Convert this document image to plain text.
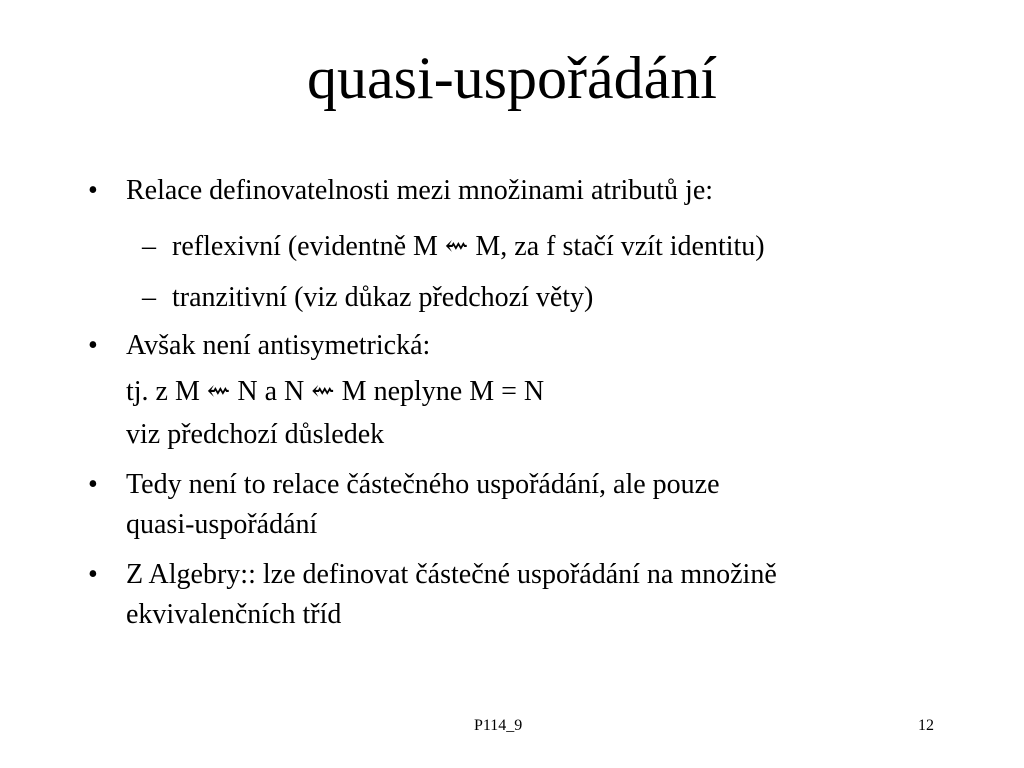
quasi-uspořádání
• Relace definovatelnosti mezi množinami atributů je:
– reflexivní (evidentně M ⇜ M, za f stačí vzít identitu)
– tranzitivní (viz důkaz předchozí věty)
• Avšak není antisymetrická:
tj. z M ⇜ N a N ⇜ M neplyne M = N
viz předchozí důsledek
• Tedy není to relace částečného uspořádání, ale pouze
quasi-uspořádání
• Z Algebry:: lze definovat částečné uspořádání na množině
ekvivalenčních tříd
P114_9	12
